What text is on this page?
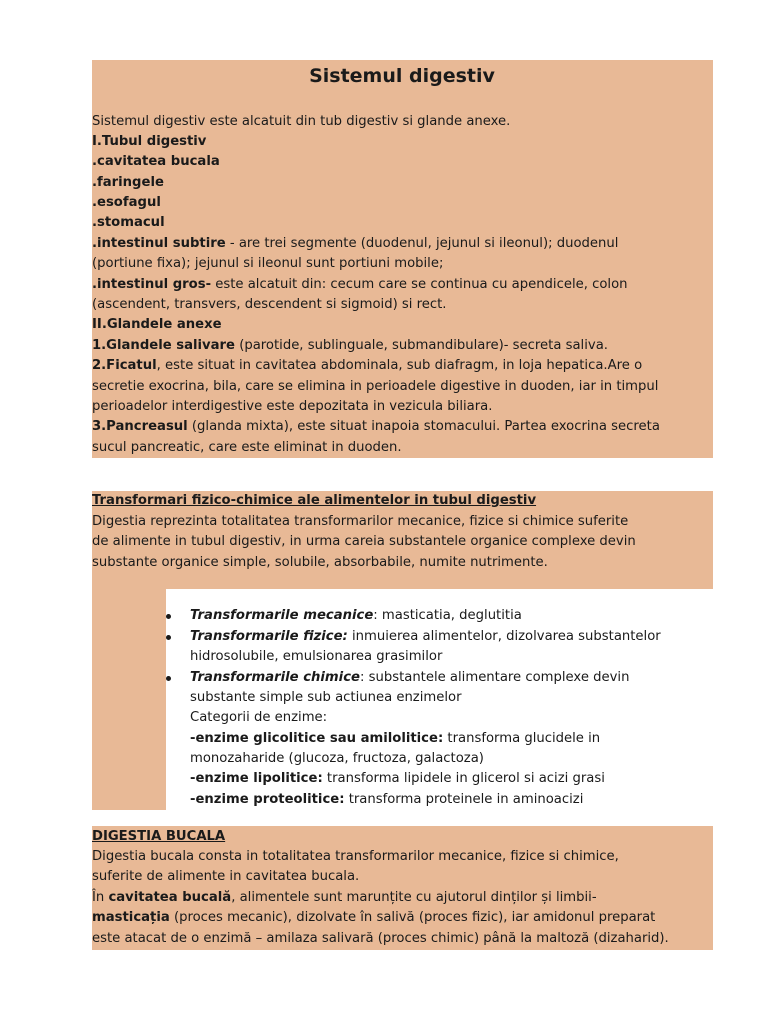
Sistemul digestiv
Sistemul digestiv este alcatuit din tub digestiv si glande anexe.
I.Tubul digestiv
.cavitatea bucala
.faringele
.esofagul
.stomacul
.intestinul subtire - are trei segmente (duodenul, jejunul si ileonul); duodenul
(portiune fixa); jejunul si ileonul sunt portiuni mobile;
.intestinul gros- este alcatuit din: cecum care se continua cu apendicele, colon
(ascendent, transvers, descendent si sigmoid) si rect.
II.Glandele anexe
1.Glandele salivare (parotide, sublinguale, submandibulare)- secreta saliva.
2.Ficatul, este situat in cavitatea abdominala, sub diafragm, in loja hepatica.Are o
secretie exocrina, bila, care se elimina in perioadele digestive in duoden, iar in timpul
perioadelor interdigestive este depozitata in vezicula biliara.
3.Pancreasul (glanda mixta), este situat inapoia stomacului. Partea exocrina secreta
sucul pancreatic, care este eliminat in duoden.
Transformari fizico-chimice ale alimentelor in tubul digestiv
Digestia reprezinta totalitatea transformarilor mecanice, fizice si chimice suferite
de alimente in tubul digestiv, in urma careia substantele organice complexe devin
substante organice simple, solubile, absorbabile, numite nutrimente.
Transformarile mecanice: masticatia, deglutitia
Transformarile fizice: inmuierea alimentelor, dizolvarea substantelor
hidrosolubile, emulsionarea grasimilor
Transformarile chimice: substantele alimentare complexe devin
substante simple sub actiunea enzimelor
Categorii de enzime:
-enzime glicolitice sau amilolitice: transforma glucidele in
monozaharide (glucoza, fructoza, galactoza)
-enzime lipolitice: transforma lipidele in glicerol si acizi grasi
-enzime proteolitice: transforma proteinele in aminoacizi
DIGESTIA BUCALA
Digestia bucala consta in totalitatea transformarilor mecanice, fizice si chimice,
suferite de alimente in cavitatea bucala.
În cavitatea bucală, alimentele sunt marunțite cu ajutorul dinților și limbii-
masticația (proces mecanic), dizolvate în salivă (proces fizic), iar amidonul preparat
este atacat de o enzimă – amilaza salivară (proces chimic) până la maltoză (dizaharid).
